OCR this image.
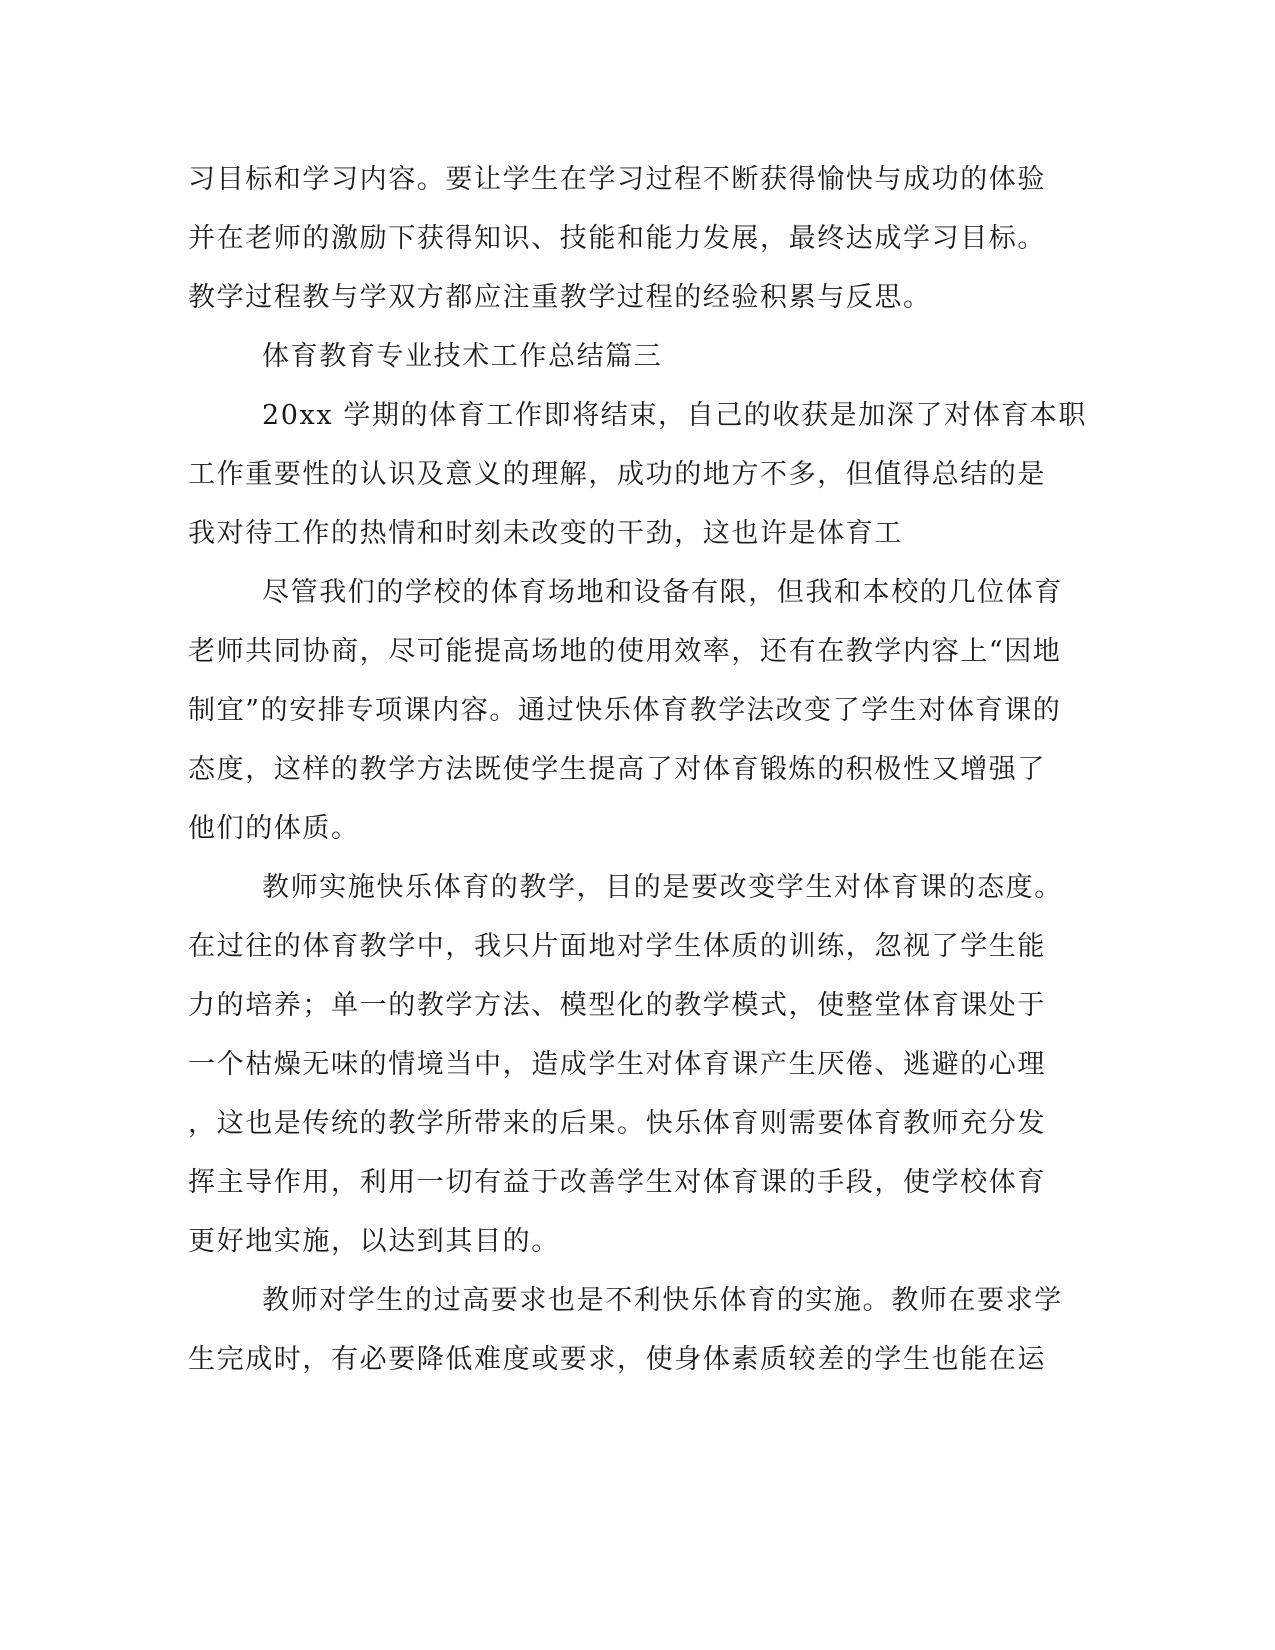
习目标和学习内容。要让学生在学习过程不断获得愉快与成功的体验
并在老师的激励下获得知识、技能和能力发展，最终达成学习目标。
教学过程教与学双方都应注重教学过程的经验积累与反思。
体育教育专业技术工作总结篇三
20xx 学期的体育工作即将结束，自己的收获是加深了对体育本职
工作重要性的认识及意义的理解，成功的地方不多，但值得总结的是
我对待工作的热情和时刻未改变的干劲，这也许是体育工
尽管我们的学校的体育场地和设备有限，但我和本校的几位体育
老师共同协商，尽可能提高场地的使用效率，还有在教学内容上“因地
制宜”的安排专项课内容。通过快乐体育教学法改变了学生对体育课的
态度，这样的教学方法既使学生提高了对体育锻炼的积极性又增强了
他们的体质。
教师实施快乐体育的教学，目的是要改变学生对体育课的态度。
在过往的体育教学中，我只片面地对学生体质的训练，忽视了学生能
力的培养；单一的教学方法、模型化的教学模式，使整堂体育课处于
一个枯燥无味的情境当中，造成学生对体育课产生厌倦、逃避的心理
，这也是传统的教学所带来的后果。快乐体育则需要体育教师充分发
挥主导作用，利用一切有益于改善学生对体育课的手段，使学校体育
更好地实施，以达到其目的。
教师对学生的过高要求也是不利快乐体育的实施。教师在要求学
生完成时，有必要降低难度或要求，使身体素质较差的学生也能在运
